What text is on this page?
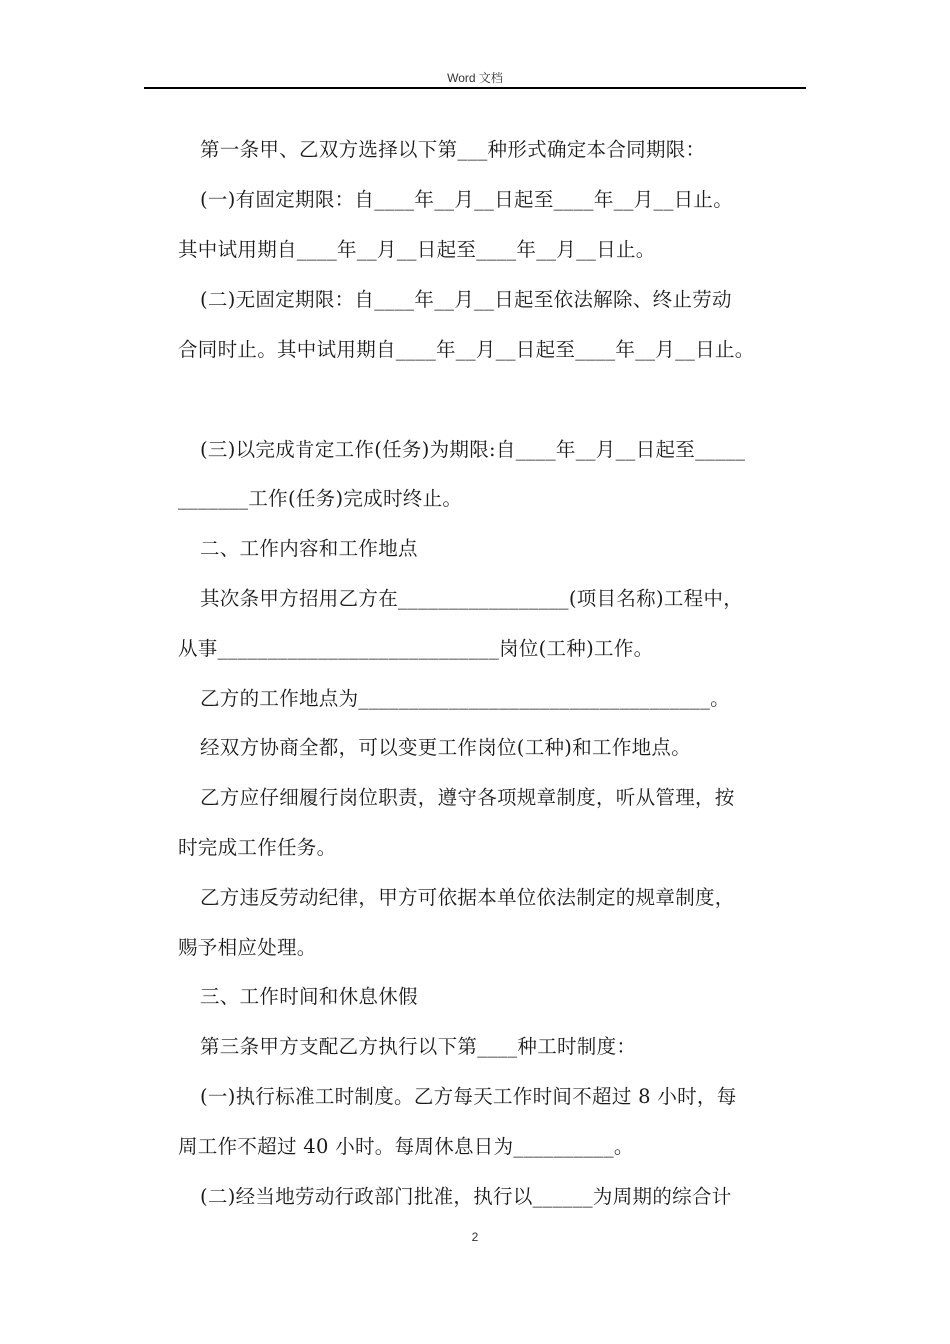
Word 文档
第一条甲、乙双方选择以下第___种形式确定本合同期限：
(一)有固定期限：自____年__月__日起至____年__月__日止。
其中试用期自____年__月__日起至____年__月__日止。
(二)无固定期限：自____年__月__日起至依法解除、终止劳动
合同时止。其中试用期自____年__月__日起至____年__月__日止。
(三)以完成肯定工作(任务)为期限:自____年__月__日起至_____
_______工作(任务)完成时终止。
二、工作内容和工作地点
其次条甲方招用乙方在_________________(项目名称)工程中，
从事____________________________岗位(工种)工作。
乙方的工作地点为___________________________________。
经双方协商全都，可以变更工作岗位(工种)和工作地点。
乙方应仔细履行岗位职责，遵守各项规章制度，听从管理，按
时完成工作任务。
乙方违反劳动纪律，甲方可依据本单位依法制定的规章制度，
赐予相应处理。
三、工作时间和休息休假
第三条甲方支配乙方执行以下第____种工时制度：
(一)执行标准工时制度。乙方每天工作时间不超过 8 小时，每
周工作不超过 40 小时。每周休息日为__________。
(二)经当地劳动行政部门批准，执行以______为周期的综合计
2
